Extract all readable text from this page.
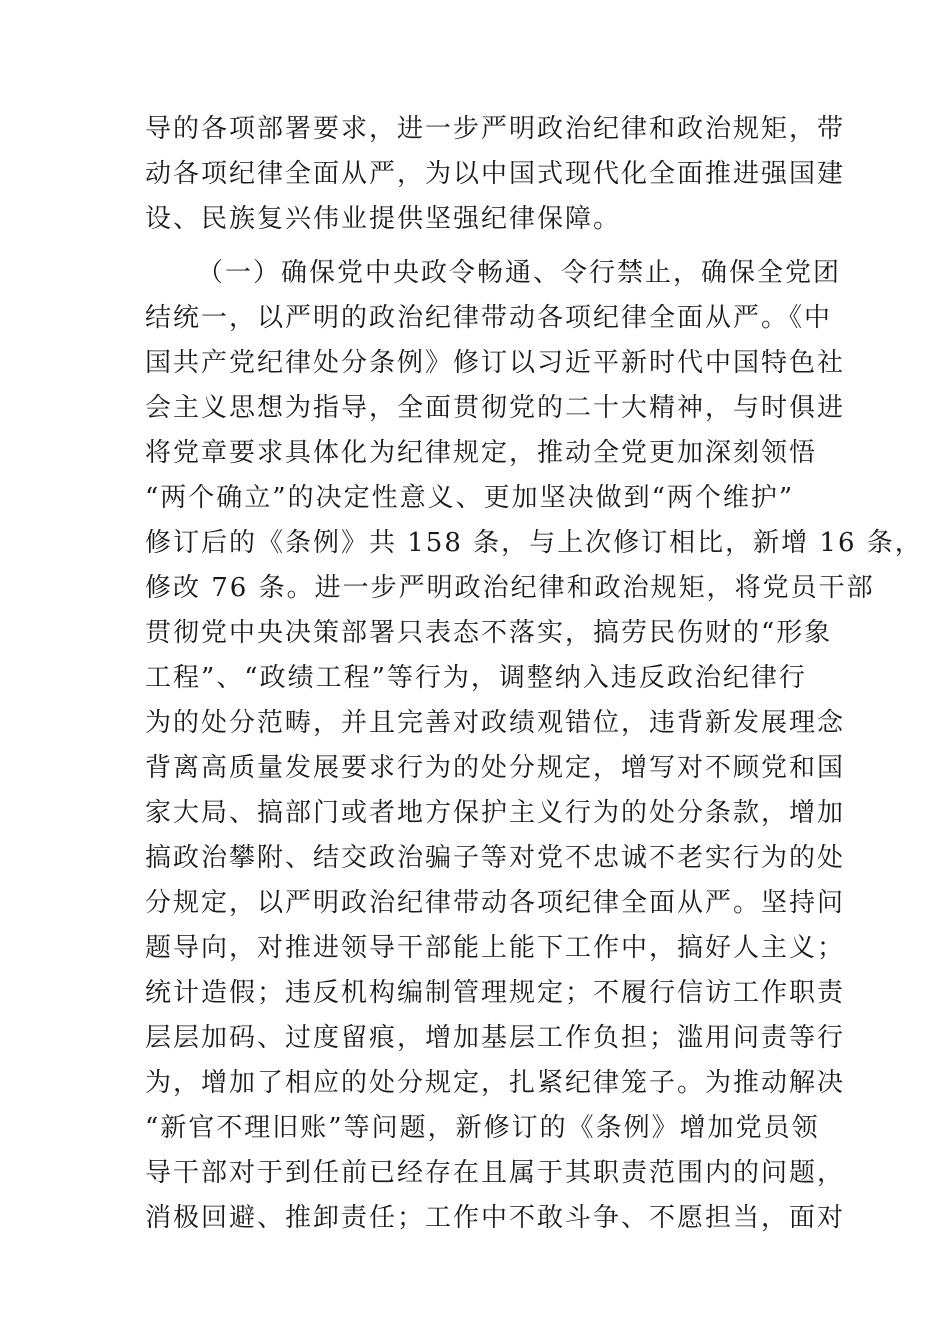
导的各项部署要求，进一步严明政治纪律和政治规矩，带
动各项纪律全面从严，为以中国式现代化全面推进强国建
设、民族复兴伟业提供坚强纪律保障。
（一）确保党中央政令畅通、令行禁止，确保全党团
结统一，以严明的政治纪律带动各项纪律全面从严。《中
国共产党纪律处分条例》修订以习近平新时代中国特色社
会主义思想为指导，全面贯彻党的二十大精神，与时俱进
将党章要求具体化为纪律规定，推动全党更加深刻领悟
“两个确立”的决定性意义、更加坚决做到“两个维护”
修订后的《条例》共 158 条，与上次修订相比，新增 16 条，
修改 76 条。进一步严明政治纪律和政治规矩，将党员干部
贯彻党中央决策部署只表态不落实，搞劳民伤财的“形象
工程”、“政绩工程”等行为，调整纳入违反政治纪律行
为的处分范畴，并且完善对政绩观错位，违背新发展理念
背离高质量发展要求行为的处分规定，增写对不顾党和国
家大局、搞部门或者地方保护主义行为的处分条款，增加
搞政治攀附、结交政治骗子等对党不忠诚不老实行为的处
分规定，以严明政治纪律带动各项纪律全面从严。坚持问
题导向，对推进领导干部能上能下工作中，搞好人主义；
统计造假；违反机构编制管理规定；不履行信访工作职责
层层加码、过度留痕，增加基层工作负担；滥用问责等行
为，增加了相应的处分规定，扎紧纪律笼子。为推动解决
“新官不理旧账”等问题，新修订的《条例》增加党员领
导干部对于到任前已经存在且属于其职责范围内的问题，
消极回避、推卸责任；工作中不敢斗争、不愿担当，面对
